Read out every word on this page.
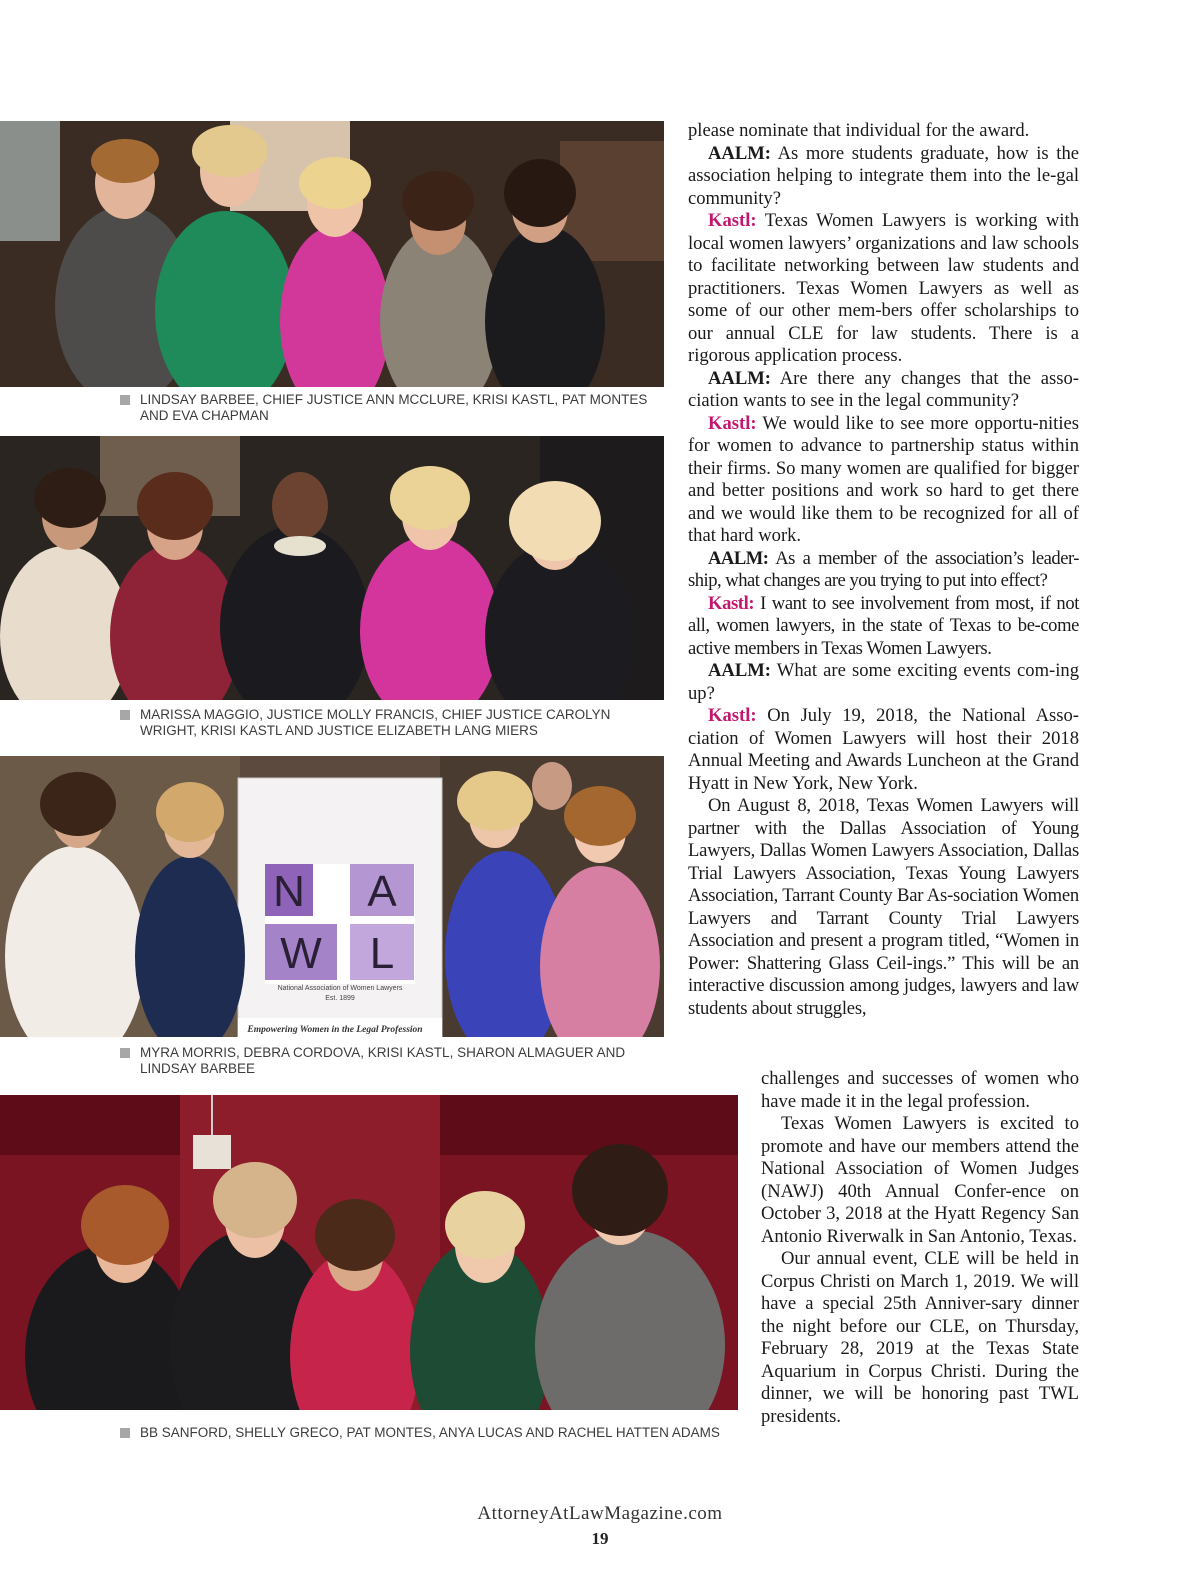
LINDSAY BARBEE, CHIEF JUSTICE ANN MCCLURE, KRISI KASTL, PAT MONTES AND EVA CHAPMAN
MARISSA MAGGIO, JUSTICE MOLLY FRANCIS, CHIEF JUSTICE CAROLYN WRIGHT, KRISI KASTL AND JUSTICE ELIZABETH LANG MIERS
N A
W L
National Association of Women Lawyers
Est. 1899
Empowering Women in the Legal Profession
MYRA MORRIS, DEBRA CORDOVA, KRISI KASTL, SHARON ALMAGUER AND LINDSAY BARBEE
BB SANFORD, SHELLY GRECO, PAT MONTES, ANYA LUCAS AND RACHEL HATTEN ADAMS

please nominate that individual for the award.

AALM: As more students graduate, how is the association helping to integrate them into the le-gal community?

Kastl: Texas Women Lawyers is working with local women lawyers’ organizations and law schools to facilitate networking between law students and practitioners. Texas Women Lawyers as well as some of our other mem-bers offer scholarships to our annual CLE for law students. There is a rigorous application process.

AALM: Are there any changes that the asso-ciation wants to see in the legal community?

Kastl: We would like to see more opportu-nities for women to advance to partnership status within their firms. So many women are qualified for bigger and better positions and work so hard to get there and we would like them to be recognized for all of that hard work.

AALM: As a member of the association’s leader-ship, what changes are you trying to put into effect?

Kastl: I want to see involvement from most, if not all, women lawyers, in the state of Texas to be-come active members in Texas Women Lawyers.

AALM: What are some exciting events com-ing up?

Kastl: On July 19, 2018, the National Asso-ciation of Women Lawyers will host their 2018 Annual Meeting and Awards Luncheon at the Grand Hyatt in New York, New York.

On August 8, 2018, Texas Women Lawyers will partner with the Dallas Association of Young Lawyers, Dallas Women Lawyers Association, Dallas Trial Lawyers Association, Texas Young Lawyers Association, Tarrant County Bar As-sociation Women Lawyers and Tarrant County Trial Lawyers Association and present a program titled, “Women in Power: Shattering Glass Ceil-ings.” This will be an interactive discussion among judges, lawyers and law students about struggles,

challenges and successes of women who have made it in the legal profession.

Texas Women Lawyers is excited to promote and have our members attend the National Association of Women Judges (NAWJ) 40th Annual Confer-ence on October 3, 2018 at the Hyatt Regency San Antonio Riverwalk in San Antonio, Texas.

Our annual event, CLE will be held in Corpus Christi on March 1, 2019. We will have a special 25th Anniver-sary dinner the night before our CLE, on Thursday, February 28, 2019 at the Texas State Aquarium in Corpus Christi. During the dinner, we will be honoring past TWL presidents.

AttorneyAtLawMagazine.com
19
